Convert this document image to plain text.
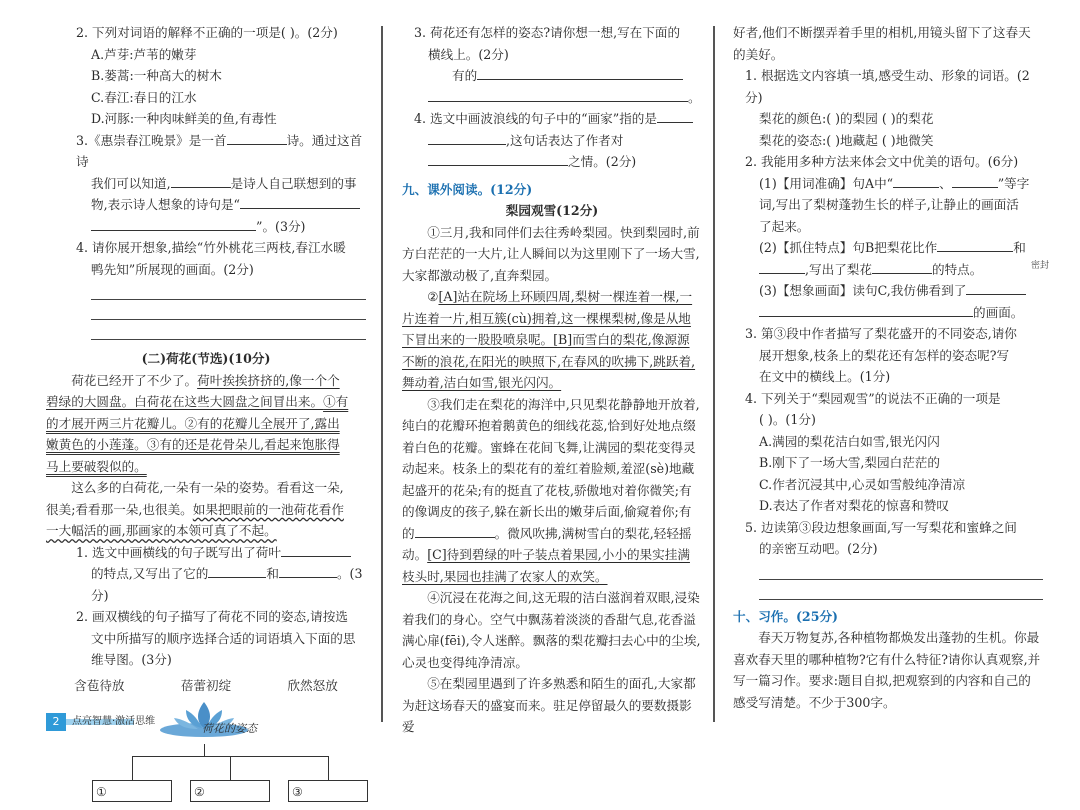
2. 下列对词语的解释不正确的一项是( )。(2分)

A.芦芽:芦苇的嫩芽

B.蒌蒿:一种高大的树木

C.春江:春日的江水

D.河豚:一种肉味鲜美的鱼,有毒性

3.《惠崇春江晚景》是一首	诗。通过这首诗

我们可以知道,	是诗人自己联想到的事

物,表示诗人想象的诗句是“

”。(3分)

4. 请你展开想象,描绘“竹外桃花三两枝,春江水暖

鸭先知”所展现的画面。(2分)

(二)荷花(节选)(10分)

荷花已经开了不少了。荷叶挨挨挤挤的,像一个个

碧绿的大圆盘。白荷花在这些大圆盘之间冒出来。①有

的才展开两三片花瓣儿。②有的花瓣儿全展开了,露出

嫩黄色的小莲蓬。③有的还是花骨朵儿,看起来饱胀得

马上要破裂似的。

这么多的白荷花,一朵有一朵的姿势。看看这一朵,

很美;看看那一朵,也很美。如果把眼前的一池荷花看作

一大幅活的画,那画家的本领可真了不起。

1. 选文中画横线的句子既写出了荷叶

的特点,又写出了它的	和	。(3分)

2. 画双横线的句子描写了荷花不同的姿态,请按选

文中所描写的顺序选择合适的词语填入下面的思

维导图。(3分)

含苞待放	蓓蕾初绽	欣然怒放
荷花的姿态
①	②	③

3. 荷花还有怎样的姿态?请你想一想,写在下面的

横线上。(2分)

有的

。

4. 选文中画波浪线的句子中的“画家”指的是

,这句话表达了作者对

之情。(2分)

九、课外阅读。(12分)

梨园观雪(12分)

①三月,我和同伴们去往秀岭梨园。快到梨园时,前方白茫茫的一大片,让人瞬间以为这里刚下了一场大雪,大家都激动极了,直奔梨园。

②[A]站在院场上环顾四周,梨树一棵连着一棵,一片连着一片,相互簇(cù)拥着,这一棵棵梨树,像是从地下冒出来的一股股喷泉呢。[B]而雪白的梨花,像源源不断的浪花,在阳光的映照下,在春风的吹拂下,跳跃着,舞动着,洁白如雪,银光闪闪。

③我们走在梨花的海洋中,只见梨花静静地开放着,纯白的花瓣环抱着鹅黄色的细线花蕊,恰到好处地点缀着白色的花瓣。蜜蜂在花间飞舞,让满园的梨花变得灵动起来。枝条上的梨花有的羞红着脸颊,羞涩(sè)地藏起盛开的花朵;有的挺直了花枝,骄傲地对着你微笑;有的像调皮的孩子,躲在新长出的嫩芽后面,偷窥着你;有的	。微风吹拂,满树雪白的梨花,轻轻摇动。[C]待到碧绿的叶子装点着果园,小小的果实挂满枝头时,果园也挂满了农家人的欢笑。

④沉浸在花海之间,这无瑕的洁白滋润着双眼,浸染着我们的身心。空气中飘荡着淡淡的香甜气息,花香溢满心扉(fēi),令人迷醉。飘落的梨花瓣扫去心中的尘埃,心灵也变得纯净清凉。

⑤在梨园里遇到了许多熟悉和陌生的面孔,大家都为赶这场春天的盛宴而来。驻足停留最久的要数摄影爱

好者,他们不断摆弄着手里的相机,用镜头留下了这春天的美好。

1. 根据选文内容填一填,感受生动、形象的词语。(2分)

梨花的颜色:( )的梨园 ( )的梨花

梨花的姿态:( )地藏起 ( )地微笑

2. 我能用多种方法来体会文中优美的语句。(6分)

(1)【用词准确】句A中“	、	”等字

词,写出了梨树蓬勃生长的样子,让静止的画面活

了起来。

(2)【抓住特点】句B把梨花比作	和

,写出了梨花	的特点。

(3)【想象画面】读句C,我仿佛看到了

的画面。

3. 第③段中作者描写了梨花盛开的不同姿态,请你

展开想象,枝条上的梨花还有怎样的姿态呢?写

在文中的横线上。(1分)

4. 下列关于“梨园观雪”的说法不正确的一项是

( )。(1分)

A.满园的梨花洁白如雪,银光闪闪

B.刚下了一场大雪,梨园白茫茫的

C.作者沉浸其中,心灵如雪般纯净清凉

D.表达了作者对梨花的惊喜和赞叹

5. 边读第③段边想象画面,写一写梨花和蜜蜂之间

的亲密互动吧。(2分)

十、习作。(25分)

春天万物复苏,各种植物都焕发出蓬勃的生机。你最喜欢春天里的哪种植物?它有什么特征?请你认真观察,并写一篇习作。要求:题目自拟,把观察到的内容和自己的感受写清楚。不少于300字。

密封
2	点亮智慧·激活思维
